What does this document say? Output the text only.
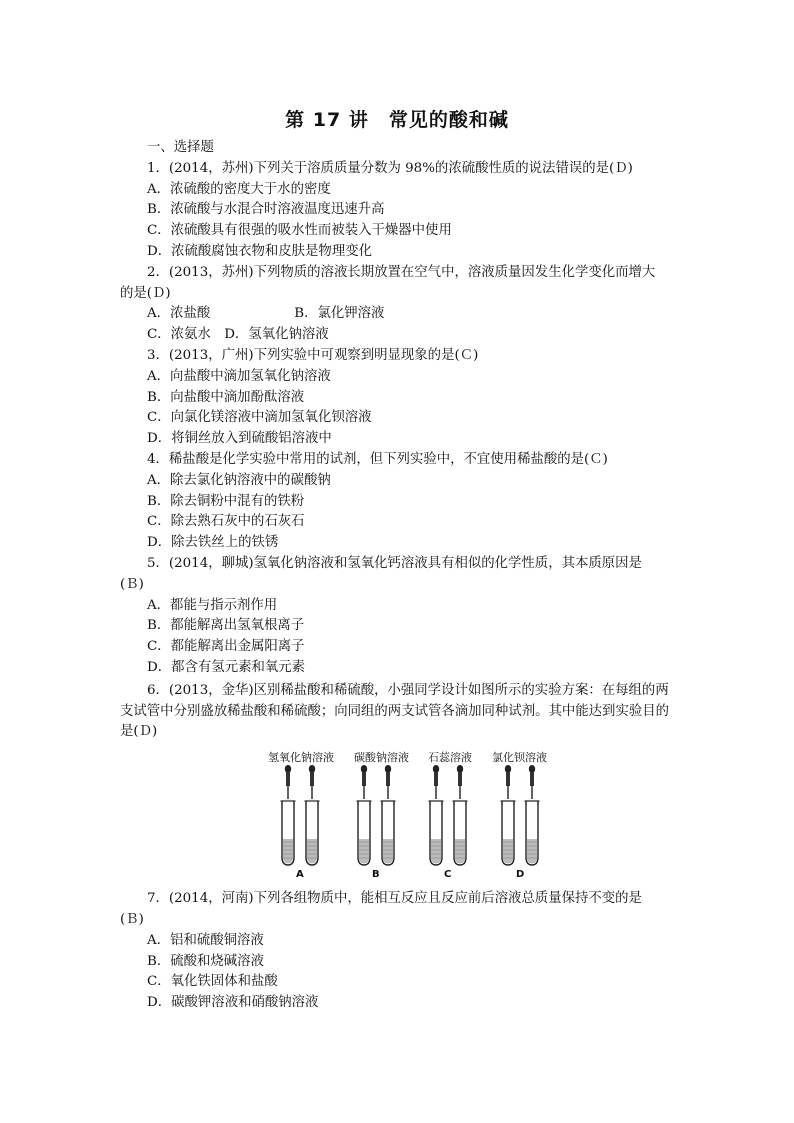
第 17 讲　常见的酸和碱
一、选择题
1．(2014，苏州)下列关于溶质质量分数为 98%的浓硫酸性质的说法错误的是(Ｄ)
A．浓硫酸的密度大于水的密度
B．浓硫酸与水混合时溶液温度迅速升高
C．浓硫酸具有很强的吸水性而被装入干燥器中使用
D．浓硫酸腐蚀衣物和皮肤是物理变化
2．(2013，苏州)下列物质的溶液长期放置在空气中，溶液质量因发生化学变化而增大
的是(Ｄ)
A．浓盐酸	B．氯化钾溶液
C．浓氨水　D．氢氧化钠溶液
3．(2013，广州)下列实验中可观察到明显现象的是(Ｃ)
A．向盐酸中滴加氢氧化钠溶液
B．向盐酸中滴加酚酞溶液
C．向氯化镁溶液中滴加氢氧化钡溶液
D．将铜丝放入到硫酸铝溶液中
4．稀盐酸是化学实验中常用的试剂，但下列实验中，不宜使用稀盐酸的是(Ｃ)
A．除去氯化钠溶液中的碳酸钠
B．除去铜粉中混有的铁粉
C．除去熟石灰中的石灰石
D．除去铁丝上的铁锈
5．(2014，聊城)氢氧化钠溶液和氢氧化钙溶液具有相似的化学性质，其本质原因是
(Ｂ)
A．都能与指示剂作用
B．都能解离出氢氧根离子
C．都能解离出金属阳离子
D．都含有氢元素和氧元素
6．(2013，金华)区别稀盐酸和稀硫酸，小强同学设计如图所示的实验方案：在每组的两支试管中分别盛放稀盐酸和稀硫酸；向同组的两支试管各滴加同种试剂。其中能达到实验目的是(Ｄ)
氢氧化钠溶液 碳酸钠溶液 石蕊溶液 氯化钡溶液
A	B	C	D
7．(2014，河南)下列各组物质中，能相互反应且反应前后溶液总质量保持不变的是
(Ｂ)
A．铝和硫酸铜溶液
B．硫酸和烧碱溶液
C．氧化铁固体和盐酸
D．碳酸钾溶液和硝酸钠溶液
